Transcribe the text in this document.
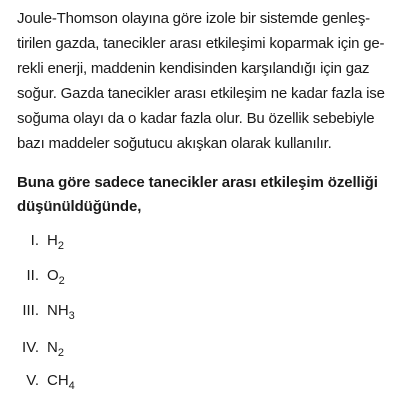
Joule-Thomson olayına göre izole bir sistemde genleş-

tirilen gazda, tanecikler arası etkileşimi koparmak için ge-

rekli enerji, maddenin kendisinden karşılandığı için gaz

soğur. Gazda tanecikler arası etkileşim ne kadar fazla ise

soğuma olayı da o kadar fazla olur. Bu özellik sebebiyle

bazı maddeler soğutucu akışkan olarak kullanılır.

Buna göre sadece tanecikler arası etkileşim özelliği

düşünüldüğünde,

I. $H_2$
II. $O_2$
III. $NH_3$
IV. $N_2$
V. $CH_4$
